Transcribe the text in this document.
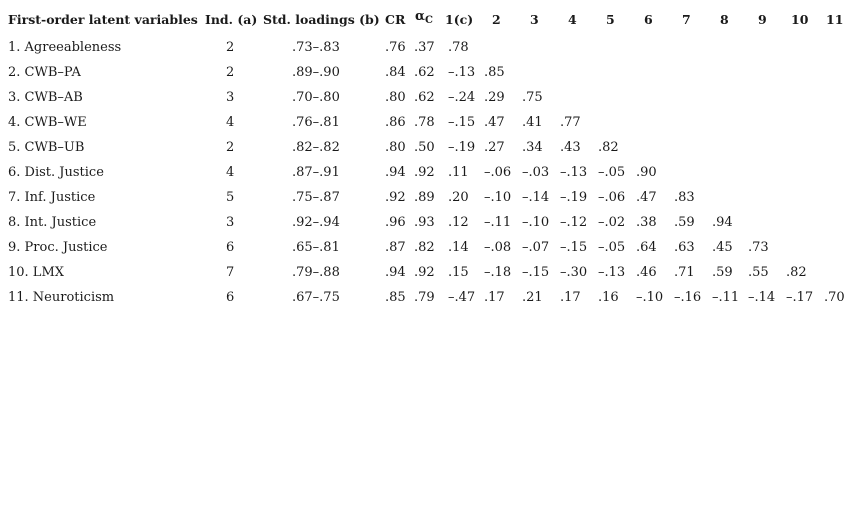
First-order latent variables Ind. (a) Std. loadings (b) CR $\alpha_C$ 1(c) 2 3 4 5 6 7 8 9 10 11
1. Agreeableness	2	.73–.83	.76 .37 .78
2. CWB–PA	2	.89–.90	.84 .62 –.13 .85
3. CWB–AB	3	.70–.80	.80 .62 –.24 .29 .75
4. CWB–WE	4	.76–.81	.86 .78 –.15 .47 .41 .77
5. CWB–UB	2	.82–.82	.80 .50 –.19 .27 .34 .43 .82
6. Dist. Justice	4	.87–.91	.94 .92 .11 –.06 –.03 –.13 –.05 .90
7. Inf. Justice	5	.75–.87	.92 .89 .20 –.10 –.14 –.19 –.06 .47 .83
8. Int. Justice	3	.92–.94	.96 .93 .12 –.11 –.10 –.12 –.02 .38 .59 .94
9. Proc. Justice	6	.65–.81	.87 .82 .14 –.08 –.07 –.15 –.05 .64 .63 .45 .73
10. LMX	7	.79–.88	.94 .92 .15 –.18 –.15 –.30 –.13 .46 .71 .59 .55 .82
11. Neuroticism	6	.67–.75	.85 .79 –.47 .17 .21 .17 .16 –.10 –.16 –.11 –.14 –.17 .70
